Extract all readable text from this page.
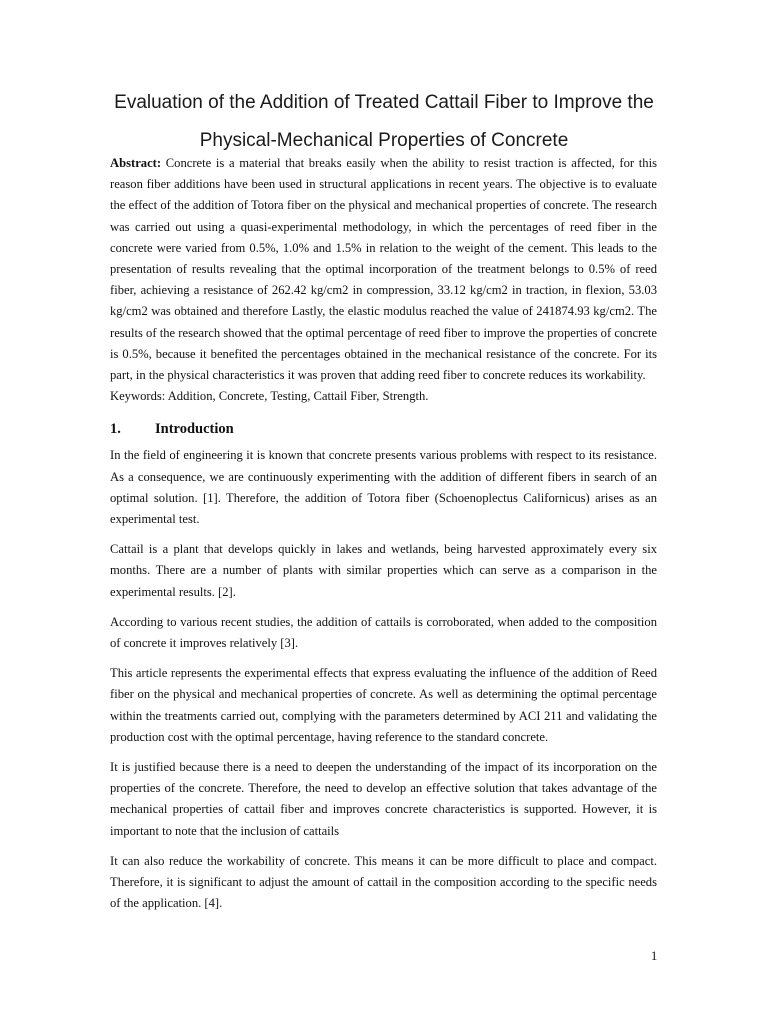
Evaluation of the Addition of Treated Cattail Fiber to Improve the
Physical-Mechanical Properties of Concrete

Abstract: Concrete is a material that breaks easily when the ability to resist traction is affected, for this reason fiber additions have been used in structural applications in recent years. The objective is to evaluate the effect of the addition of Totora fiber on the physical and mechanical properties of concrete. The research was carried out using a quasi-experimental methodology, in which the percentages of reed fiber in the concrete were varied from 0.5%, 1.0% and 1.5% in relation to the weight of the cement. This leads to the presentation of results revealing that the optimal incorporation of the treatment belongs to 0.5% of reed fiber, achieving a resistance of 262.42 kg/cm2 in compression, 33.12 kg/cm2 in traction, in flexion, 53.03 kg/cm2 was obtained and therefore Lastly, the elastic modulus reached the value of 241874.93 kg/cm2. The results of the research showed that the optimal percentage of reed fiber to improve the properties of concrete is 0.5%, because it benefited the percentages obtained in the mechanical resistance of the concrete. For its part, in the physical characteristics it was proven that adding reed fiber to concrete reduces its workability.

Keywords: Addition, Concrete, Testing, Cattail Fiber, Strength.

1. Introduction

In the field of engineering it is known that concrete presents various problems with respect to its resistance. As a consequence, we are continuously experimenting with the addition of different fibers in search of an optimal solution. [1]. Therefore, the addition of Totora fiber (Schoenoplectus Californicus) arises as an experimental test.

Cattail is a plant that develops quickly in lakes and wetlands, being harvested approximately every six months. There are a number of plants with similar properties which can serve as a comparison in the experimental results. [2].

According to various recent studies, the addition of cattails is corroborated, when added to the composition of concrete it improves relatively [3].

This article represents the experimental effects that express evaluating the influence of the addition of Reed fiber on the physical and mechanical properties of concrete. As well as determining the optimal percentage within the treatments carried out, complying with the parameters determined by ACI 211 and validating the production cost with the optimal percentage, having reference to the standard concrete.

It is justified because there is a need to deepen the understanding of the impact of its incorporation on the properties of the concrete. Therefore, the need to develop an effective solution that takes advantage of the mechanical properties of cattail fiber and improves concrete characteristics is supported. However, it is important to note that the inclusion of cattails

It can also reduce the workability of concrete. This means it can be more difficult to place and compact. Therefore, it is significant to adjust the amount of cattail in the composition according to the specific needs of the application. [4].

1
